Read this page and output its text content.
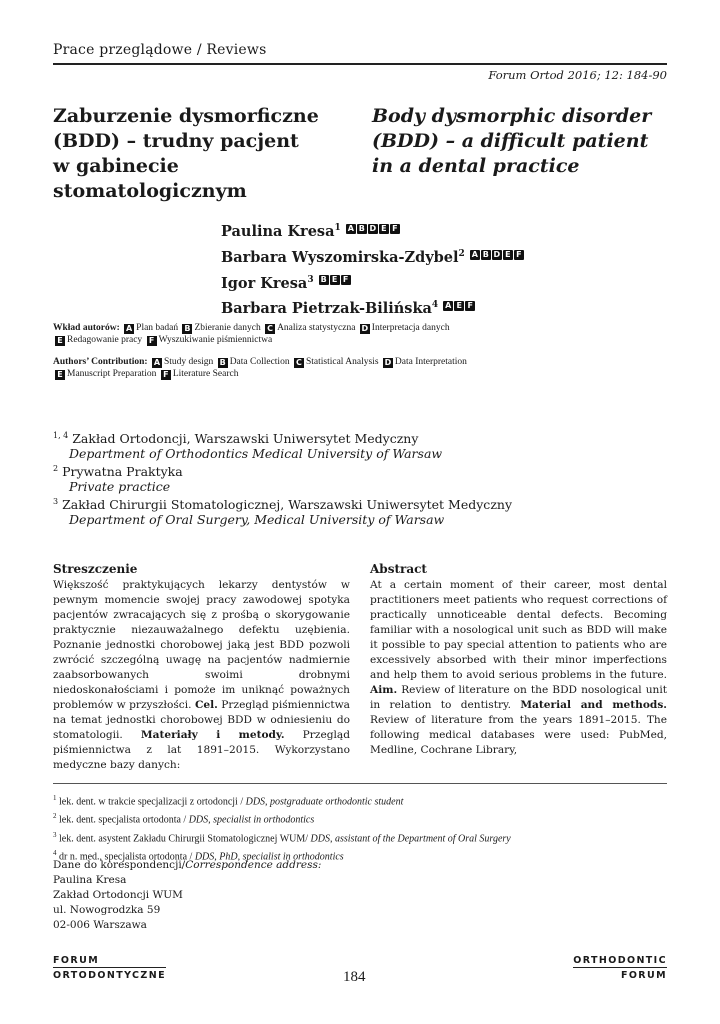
Prace przeglądowe / Reviews
Forum Ortod 2016; 12: 184-90
Zaburzenie dysmorficzne
(BDD) – trudny pacjent
w gabinecie stomatologicznym
Body dysmorphic disorder
(BDD) – a difficult patient
in a dental practice
Paulina Kresa$^1$ A B D E F
Barbara Wyszomirska-Zdybel$^2$ A B D E F
Igor Kresa$^3$ B E F
Barbara Pietrzak-Bilińska$^4$ A E F
Wkład autorów: A Plan badań B Zbieranie danych C Analiza statystyczna D Interpretacja danych
E Redagowanie pracy F Wyszukiwanie piśmiennictwa
Authors’ Contribution: A Study design B Data Collection C Statistical Analysis D Data Interpretation
E Manuscript Preparation F Literature Search
$^{1, 4}$ Zakład Ortodoncji, Warszawski Uniwersytet Medyczny
Department of Orthodontics Medical University of Warsaw
$^2$ Prywatna Praktyka
Private practice
$^3$ Zakład Chirurgii Stomatologicznej, Warszawski Uniwersytet Medyczny
Department of Oral Surgery, Medical University of Warsaw
Streszczenie
Większość praktykujących lekarzy dentystów w pewnym momencie swojej pracy zawodowej spotyka pacjentów zwracających się z prośbą o skorygowanie praktycznie niezauważalnego defektu uzębienia. Poznanie jednostki chorobowej jaką jest BDD pozwoli zwrócić szczególną uwagę na pacjentów nadmiernie zaabsorbowanych swoimi drobnymi niedoskonałościami i pomoże im uniknąć poważnych problemów w przyszłości. Cel. Przegląd piśmiennictwa na temat jednostki chorobowej BDD w odniesieniu do stomatologii. Materiały i metody. Przegląd piśmiennictwa z lat 1891–2015. Wykorzystano medyczne bazy danych:
Abstract
At a certain moment of their career, most dental practitioners meet patients who request corrections of practically unnoticeable dental defects. Becoming familiar with a nosological unit such as BDD will make it possible to pay special attention to patients who are excessively absorbed with their minor imperfections and help them to avoid serious problems in the future. Aim. Review of literature on the BDD nosological unit in relation to dentistry. Material and methods. Review of literature from the years 1891–2015. The following medical databases were used: PubMed, Medline, Cochrane Library,
$^1$ lek. dent. w trakcie specjalizacji z ortodoncji / DDS, postgraduate orthodontic student
$^2$ lek. dent. specjalista ortodonta / DDS, specialist in orthodontics
$^3$ lek. dent. asystent Zakładu Chirurgii Stomatologicznej WUM/ DDS, assistant of the Department of Oral Surgery
$^4$ dr n. med., specjalista ortodonta / DDS, PhD, specialist in orthodontics
Dane do korespondencji/Correspondence address:
Paulina Kresa
Zakład Ortodoncji WUM
ul. Nowogrodzka 59
02-006 Warszawa
FORUM
ORTODONTYCZNE
ORTHODONTIC
FORUM
184
